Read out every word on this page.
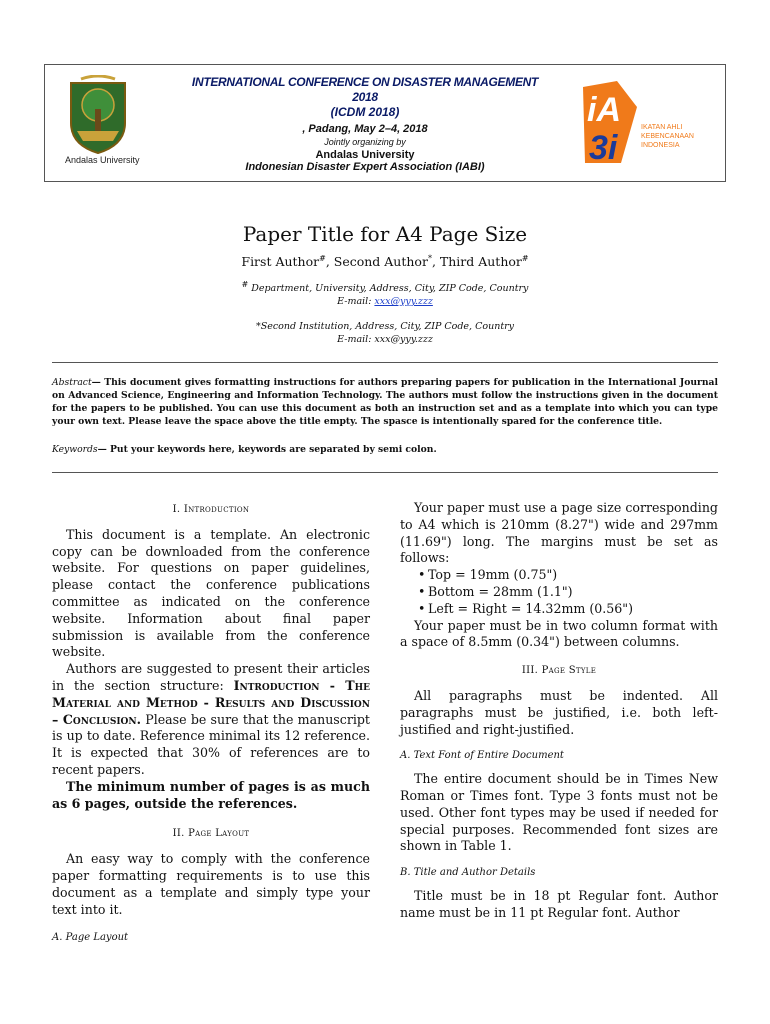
Andalas University
INTERNATIONAL CONFERENCE ON DISASTER MANAGEMENT 2018
(ICDM 2018)
, Padang, May 2–4, 2018
Jointly organizing by
Andalas University
Indonesian Disaster Expert Association (IABI)
iA
3i
IKATAN AHLI
KEBENCANAAN
INDONESIA
Paper Title for A4 Page Size
First Author#, Second Author*, Third Author#
# Department, University, Address, City, ZIP Code, Country
E-mail: xxx@yyy.zzz
*Second Institution, Address, City, ZIP Code, Country
E-mail: xxx@yyy.zzz
Abstract— This document gives formatting instructions for authors preparing papers for publication in the International Journal on Advanced Science, Engineering and Information Technology. The authors must follow the instructions given in the document for the papers to be published. You can use this document as both an instruction set and as a template into which you can type your own text. Please leave the space above the title empty. The spasce is intentionally spared for the conference title.
Keywords— Put your keywords here, keywords are separated by semi colon.
I. Introduction

This document is a template. An electronic copy can be downloaded from the conference website. For questions on paper guidelines, please contact the conference publications committee as indicated on the conference website. Information about final paper submission is available from the conference website.

Authors are suggested to present their articles in the section structure: Introduction - The Material and Method - Results and Discussion – Conclusion. Please be sure that the manuscript is up to date. Reference minimal its 12 reference. It is expected that 30% of references are to recent papers.

The minimum number of pages is as much as 6 pages, outside the references.

II. Page Layout

An easy way to comply with the conference paper formatting requirements is to use this document as a template and simply type your text into it.

A. Page Layout

Your paper must use a page size corresponding to A4 which is 210mm (8.27") wide and 297mm (11.69") long. The margins must be set as follows:

• Top = 19mm (0.75")
• Bottom = 28mm (1.1")
• Left = Right = 14.32mm (0.56")

Your paper must be in two column format with a space of 8.5mm (0.34") between columns.

III. Page Style

All paragraphs must be indented. All paragraphs must be justified, i.e. both left-justified and right-justified.

A. Text Font of Entire Document

The entire document should be in Times New Roman or Times font. Type 3 fonts must not be used. Other font types may be used if needed for special purposes. Recommended font sizes are shown in Table 1.

B. Title and Author Details

Title must be in 18 pt Regular font. Author name must be in 11 pt Regular font. Author
